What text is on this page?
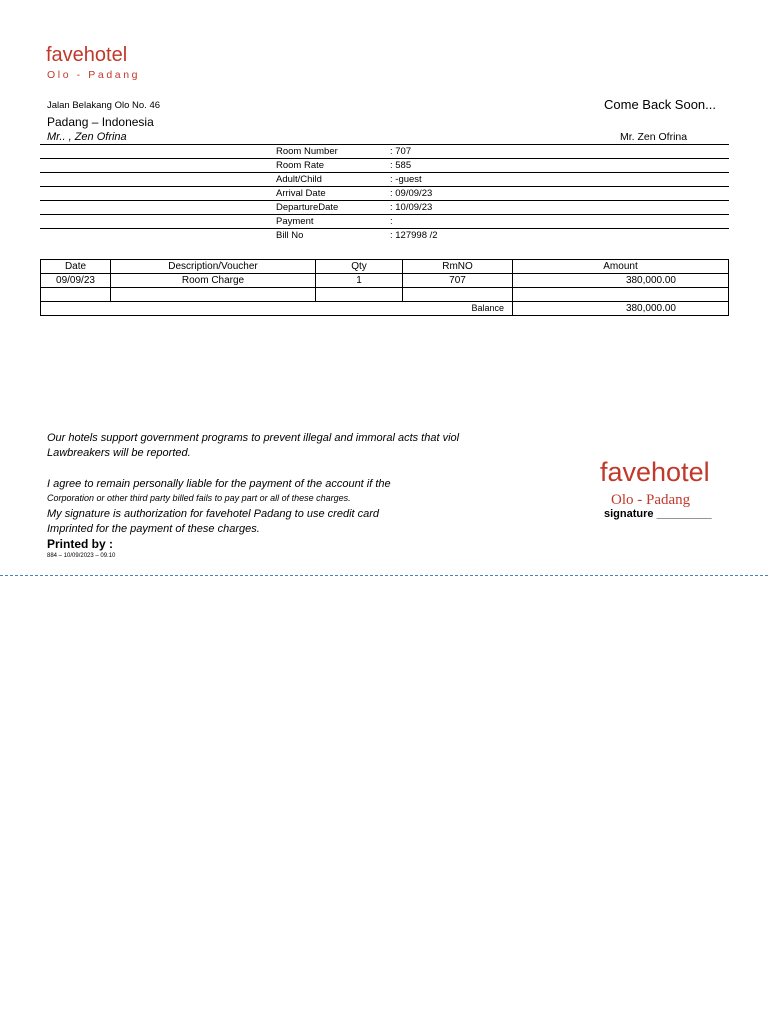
favehotel
Olo - Padang
Jalan Belakang Olo No. 46
Padang – Indonesia
Mr.. , Zen Ofrina
Come Back Soon...
Mr. Zen Ofrina
	Room Number	: 707
	Room Rate	: 585
	Adult/Child	: -guest
	Arrival Date	: 09/09/23
	DepartureDate	: 10/09/23
	Payment	:
	Bill No	: 127998 /2
Date	Description/Voucher	Qty	RmNO	Amount
09/09/23	Room Charge	1	707	380,000.00

Balance				380,000.00
Our hotels support government programs to prevent illegal and immoral acts that viol
Lawbreakers will be reported.
I agree to remain personally liable for the payment of the account if the
Corporation or other third party billed fails to pay part or all of these charges.
My signature is authorization for favehotel Padang to use credit card
Imprinted for the payment of these charges.
Printed by :
884 – 10/09/2023 – 09.10
favehotel
Olo - Padang
signature _________
